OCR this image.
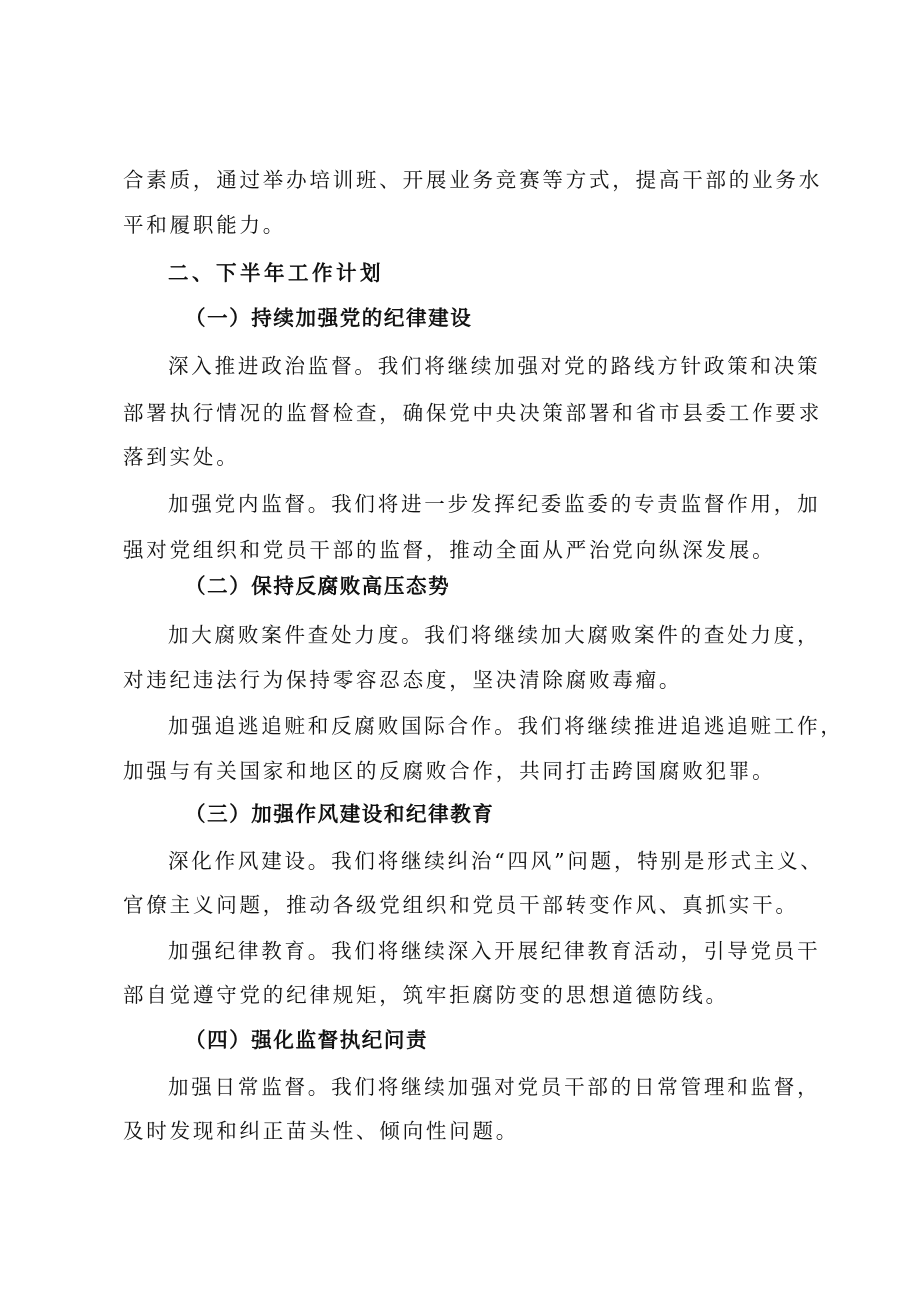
合素质，通过举办培训班、开展业务竞赛等方式，提高干部的业务水
平和履职能力。
二、下半年工作计划
（一）持续加强党的纪律建设
深入推进政治监督。我们将继续加强对党的路线方针政策和决策
部署执行情况的监督检查，确保党中央决策部署和省市县委工作要求
落到实处。
加强党内监督。我们将进一步发挥纪委监委的专责监督作用，加
强对党组织和党员干部的监督，推动全面从严治党向纵深发展。
（二）保持反腐败高压态势
加大腐败案件查处力度。我们将继续加大腐败案件的查处力度，
对违纪违法行为保持零容忍态度，坚决清除腐败毒瘤。
加强追逃追赃和反腐败国际合作。我们将继续推进追逃追赃工作，
加强与有关国家和地区的反腐败合作，共同打击跨国腐败犯罪。
（三）加强作风建设和纪律教育
深化作风建设。我们将继续纠治“四风”问题，特别是形式主义、
官僚主义问题，推动各级党组织和党员干部转变作风、真抓实干。
加强纪律教育。我们将继续深入开展纪律教育活动，引导党员干
部自觉遵守党的纪律规矩，筑牢拒腐防变的思想道德防线。
（四）强化监督执纪问责
加强日常监督。我们将继续加强对党员干部的日常管理和监督，
及时发现和纠正苗头性、倾向性问题。
